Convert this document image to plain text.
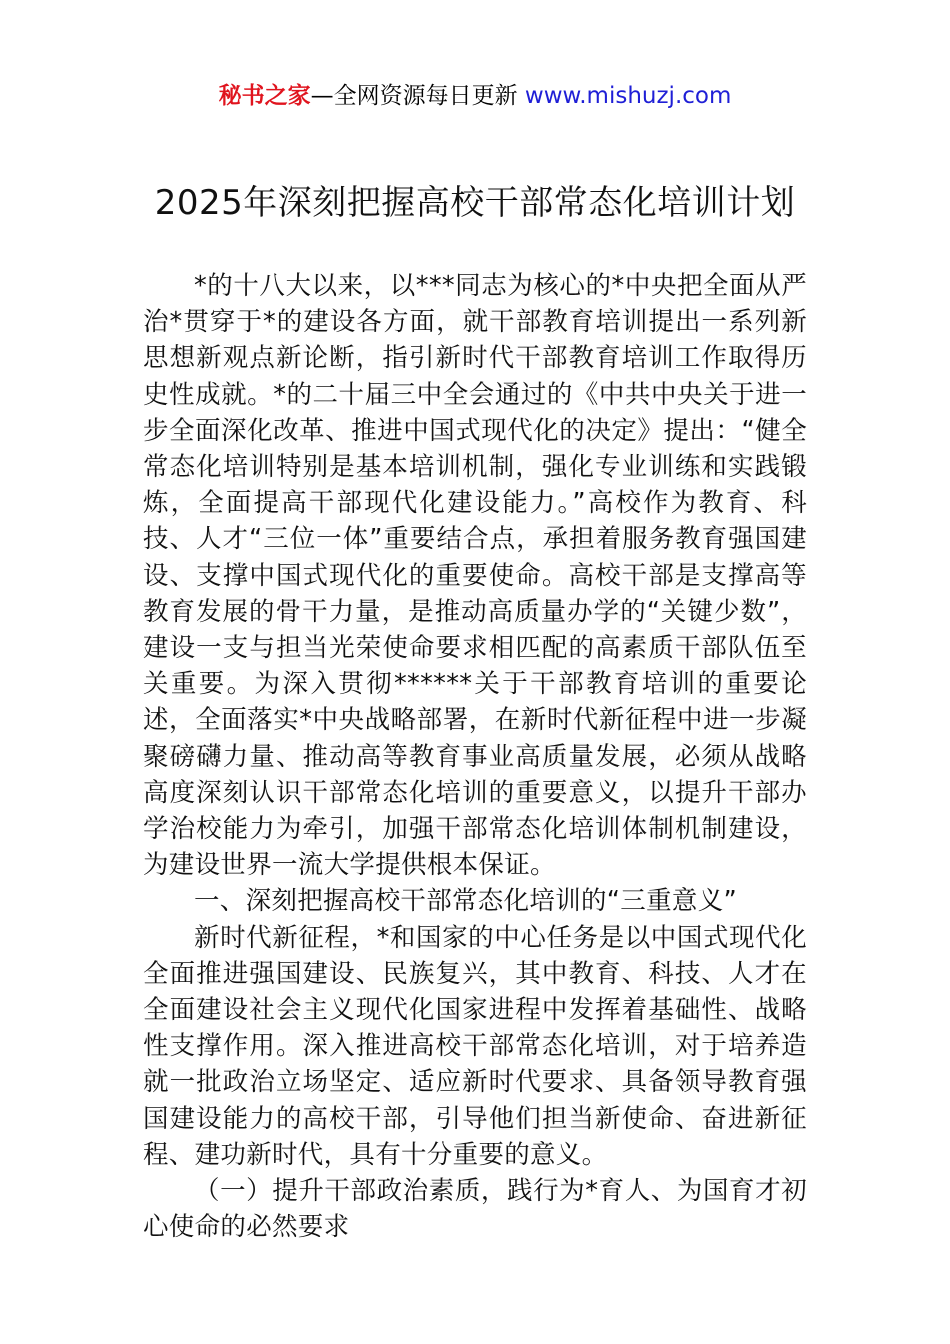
秘书之家—全网资源每日更新 www.mishuzj.com
2025年深刻把握高校干部常态化培训计划

*的十八大以来，以***同志为核心的*中央把全面从严治*贯穿于*的建设各方面，就干部教育培训提出一系列新思想新观点新论断，指引新时代干部教育培训工作取得历史性成就。*的二十届三中全会通过的《中共中央关于进一步全面深化改革、推进中国式现代化的决定》提出：“健全常态化培训特别是基本培训机制，强化专业训练和实践锻炼，全面提高干部现代化建设能力。”高校作为教育、科技、人才“三位一体”重要结合点，承担着服务教育强国建设、支撑中国式现代化的重要使命。高校干部是支撑高等教育发展的骨干力量，是推动高质量办学的“关键少数”，建设一支与担当光荣使命要求相匹配的高素质干部队伍至关重要。为深入贯彻******关于干部教育培训的重要论述，全面落实*中央战略部署，在新时代新征程中进一步凝聚磅礴力量、推动高等教育事业高质量发展，必须从战略高度深刻认识干部常态化培训的重要意义，以提升干部办学治校能力为牵引，加强干部常态化培训体制机制建设，为建设世界一流大学提供根本保证。

一、深刻把握高校干部常态化培训的“三重意义”

新时代新征程，*和国家的中心任务是以中国式现代化全面推进强国建设、民族复兴，其中教育、科技、人才在全面建设社会主义现代化国家进程中发挥着基础性、战略性支撑作用。深入推进高校干部常态化培训，对于培养造就一批政治立场坚定、适应新时代要求、具备领导教育强国建设能力的高校干部，引导他们担当新使命、奋进新征程、建功新时代，具有十分重要的意义。

（一）提升干部政治素质，践行为*育人、为国育才初心使命的必然要求
